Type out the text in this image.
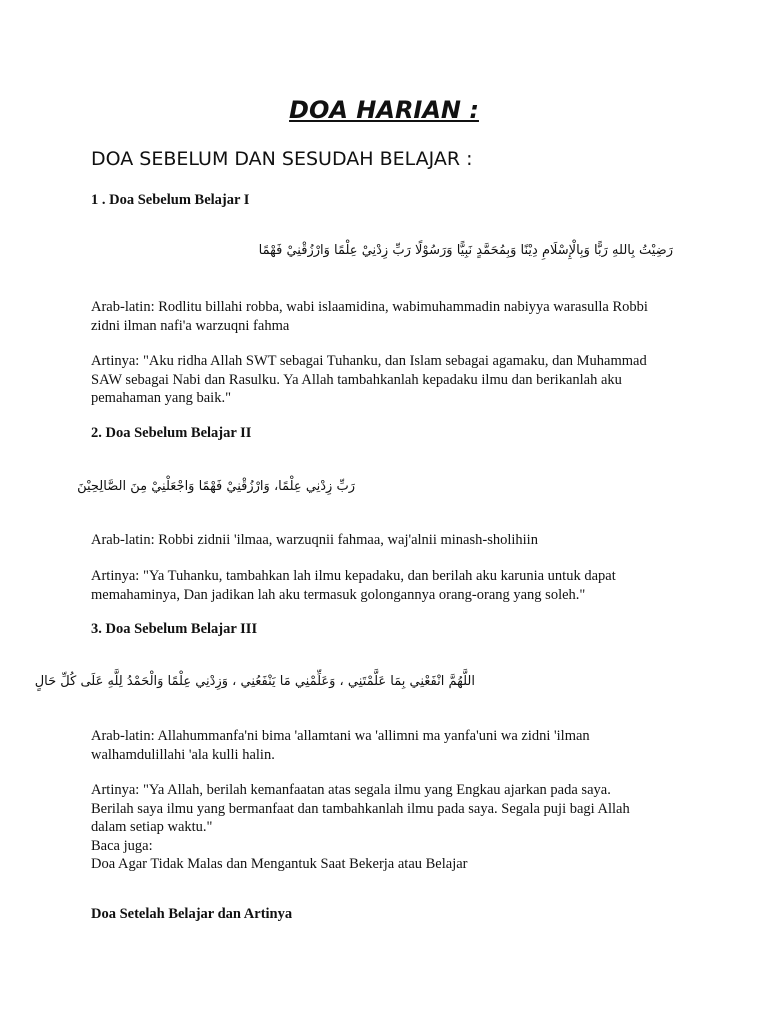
DOA HARIAN :
DOA SEBELUM DAN SESUDAH BELAJAR :

1 . Doa Sebelum Belajar I

رَضِيْتُ بِاللهِ رَبًّا وَبِالْإِسْلَامِ دِيْنًا وَبِمُحَمَّدٍ نَبِيًّا وَرَسُوْلًا رَبِّ زِدْنِيْ عِلْمًا وَارْزُقْنِيْ فَهْمًا

Arab-latin: Rodlitu billahi robba, wabi islaamidina, wabimuhammadin nabiyya warasulla Robbi
zidni ilman nafi'a warzuqni fahma

Artinya: "Aku ridha Allah SWT sebagai Tuhanku, dan Islam sebagai agamaku, dan Muhammad
SAW sebagai Nabi dan Rasulku. Ya Allah tambahkanlah kepadaku ilmu dan berikanlah aku
pemahaman yang baik."

2. Doa Sebelum Belajar II

رَبِّ زِدْنِي عِلْمًا، وَارْزُقْنِيْ فَهْمًا وَاجْعَلْنِيْ مِنَ الصَّالِحِيْنَ

Arab-latin: Robbi zidnii 'ilmaa, warzuqnii fahmaa, waj'alnii minash-sholihiin

Artinya: "Ya Tuhanku, tambahkan lah ilmu kepadaku, dan berilah aku karunia untuk dapat
memahaminya, Dan jadikan lah aku termasuk golongannya orang-orang yang soleh."

3. Doa Sebelum Belajar III

اللَّهُمَّ انْفَعْنِي بِمَا عَلَّمْتَنِي ، وَعَلِّمْنِي مَا يَنْفَعُنِي ، وَزِدْنِي عِلْمًا وَالْحَمْدُ لِلَّهِ عَلَى كُلِّ حَالٍ

Arab-latin: Allahummanfa'ni bima 'allamtani wa 'allimni ma yanfa'uni wa zidni 'ilman
walhamdulillahi 'ala kulli halin.

Artinya: "Ya Allah, berilah kemanfaatan atas segala ilmu yang Engkau ajarkan pada saya.
Berilah saya ilmu yang bermanfaat dan tambahkanlah ilmu pada saya. Segala puji bagi Allah
dalam setiap waktu."
Baca juga:
Doa Agar Tidak Malas dan Mengantuk Saat Bekerja atau Belajar

Doa Setelah Belajar dan Artinya
